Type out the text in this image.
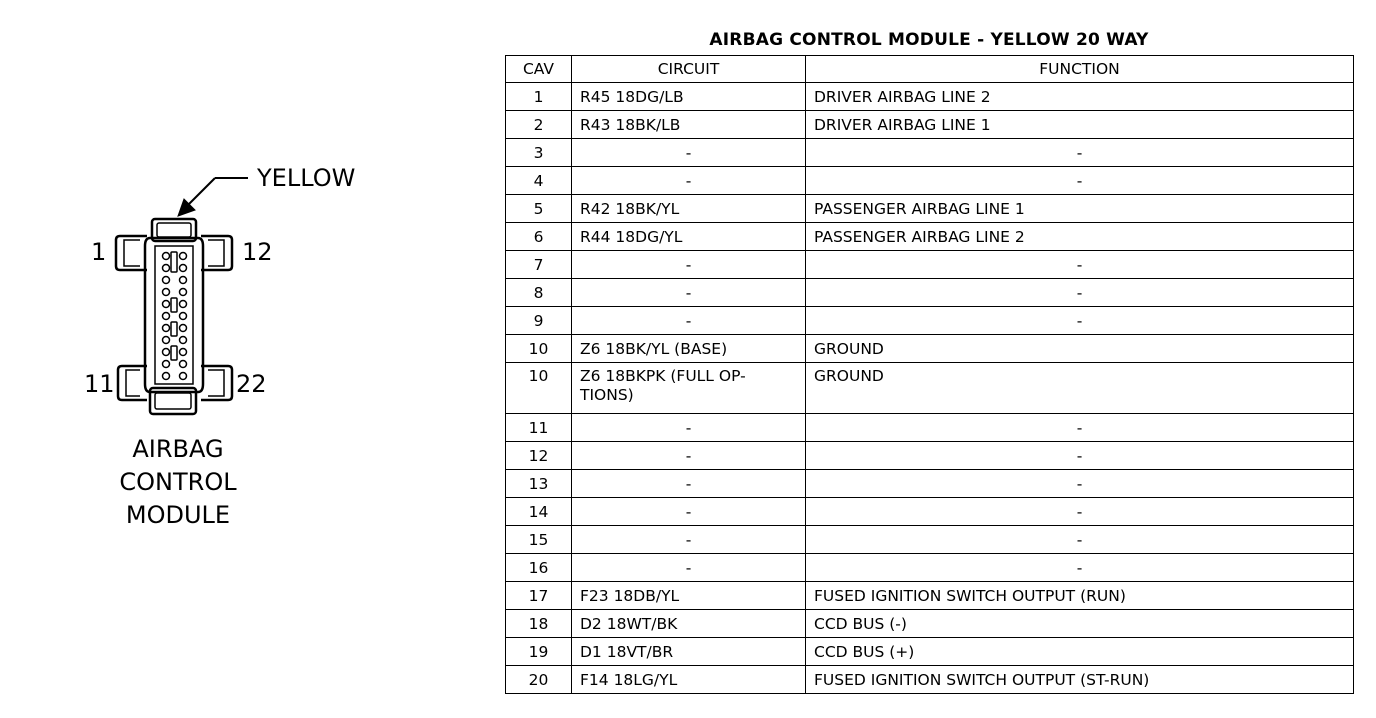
YELLOW
1	12
11	22
AIRBAG
CONTROL
MODULE
AIRBAG CONTROL MODULE - YELLOW 20 WAY
CAV	CIRCUIT	FUNCTION
1	R45 18DG/LB	DRIVER AIRBAG LINE 2
2	R43 18BK/LB	DRIVER AIRBAG LINE 1
3	-	-
4	-	-
5	R42 18BK/YL	PASSENGER AIRBAG LINE 1
6	R44 18DG/YL	PASSENGER AIRBAG LINE 2
7	-	-
8	-	-
9	-	-
10	Z6 18BK/YL (BASE)	GROUND
10	Z6 18BKPK (FULL OP- TIONS)	GROUND
11	-	-
12	-	-
13	-	-
14	-	-
15	-	-
16	-	-
17	F23 18DB/YL	FUSED IGNITION SWITCH OUTPUT (RUN)
18	D2 18WT/BK	CCD BUS (-)
19	D1 18VT/BR	CCD BUS (+)
20	F14 18LG/YL	FUSED IGNITION SWITCH OUTPUT (ST-RUN)
